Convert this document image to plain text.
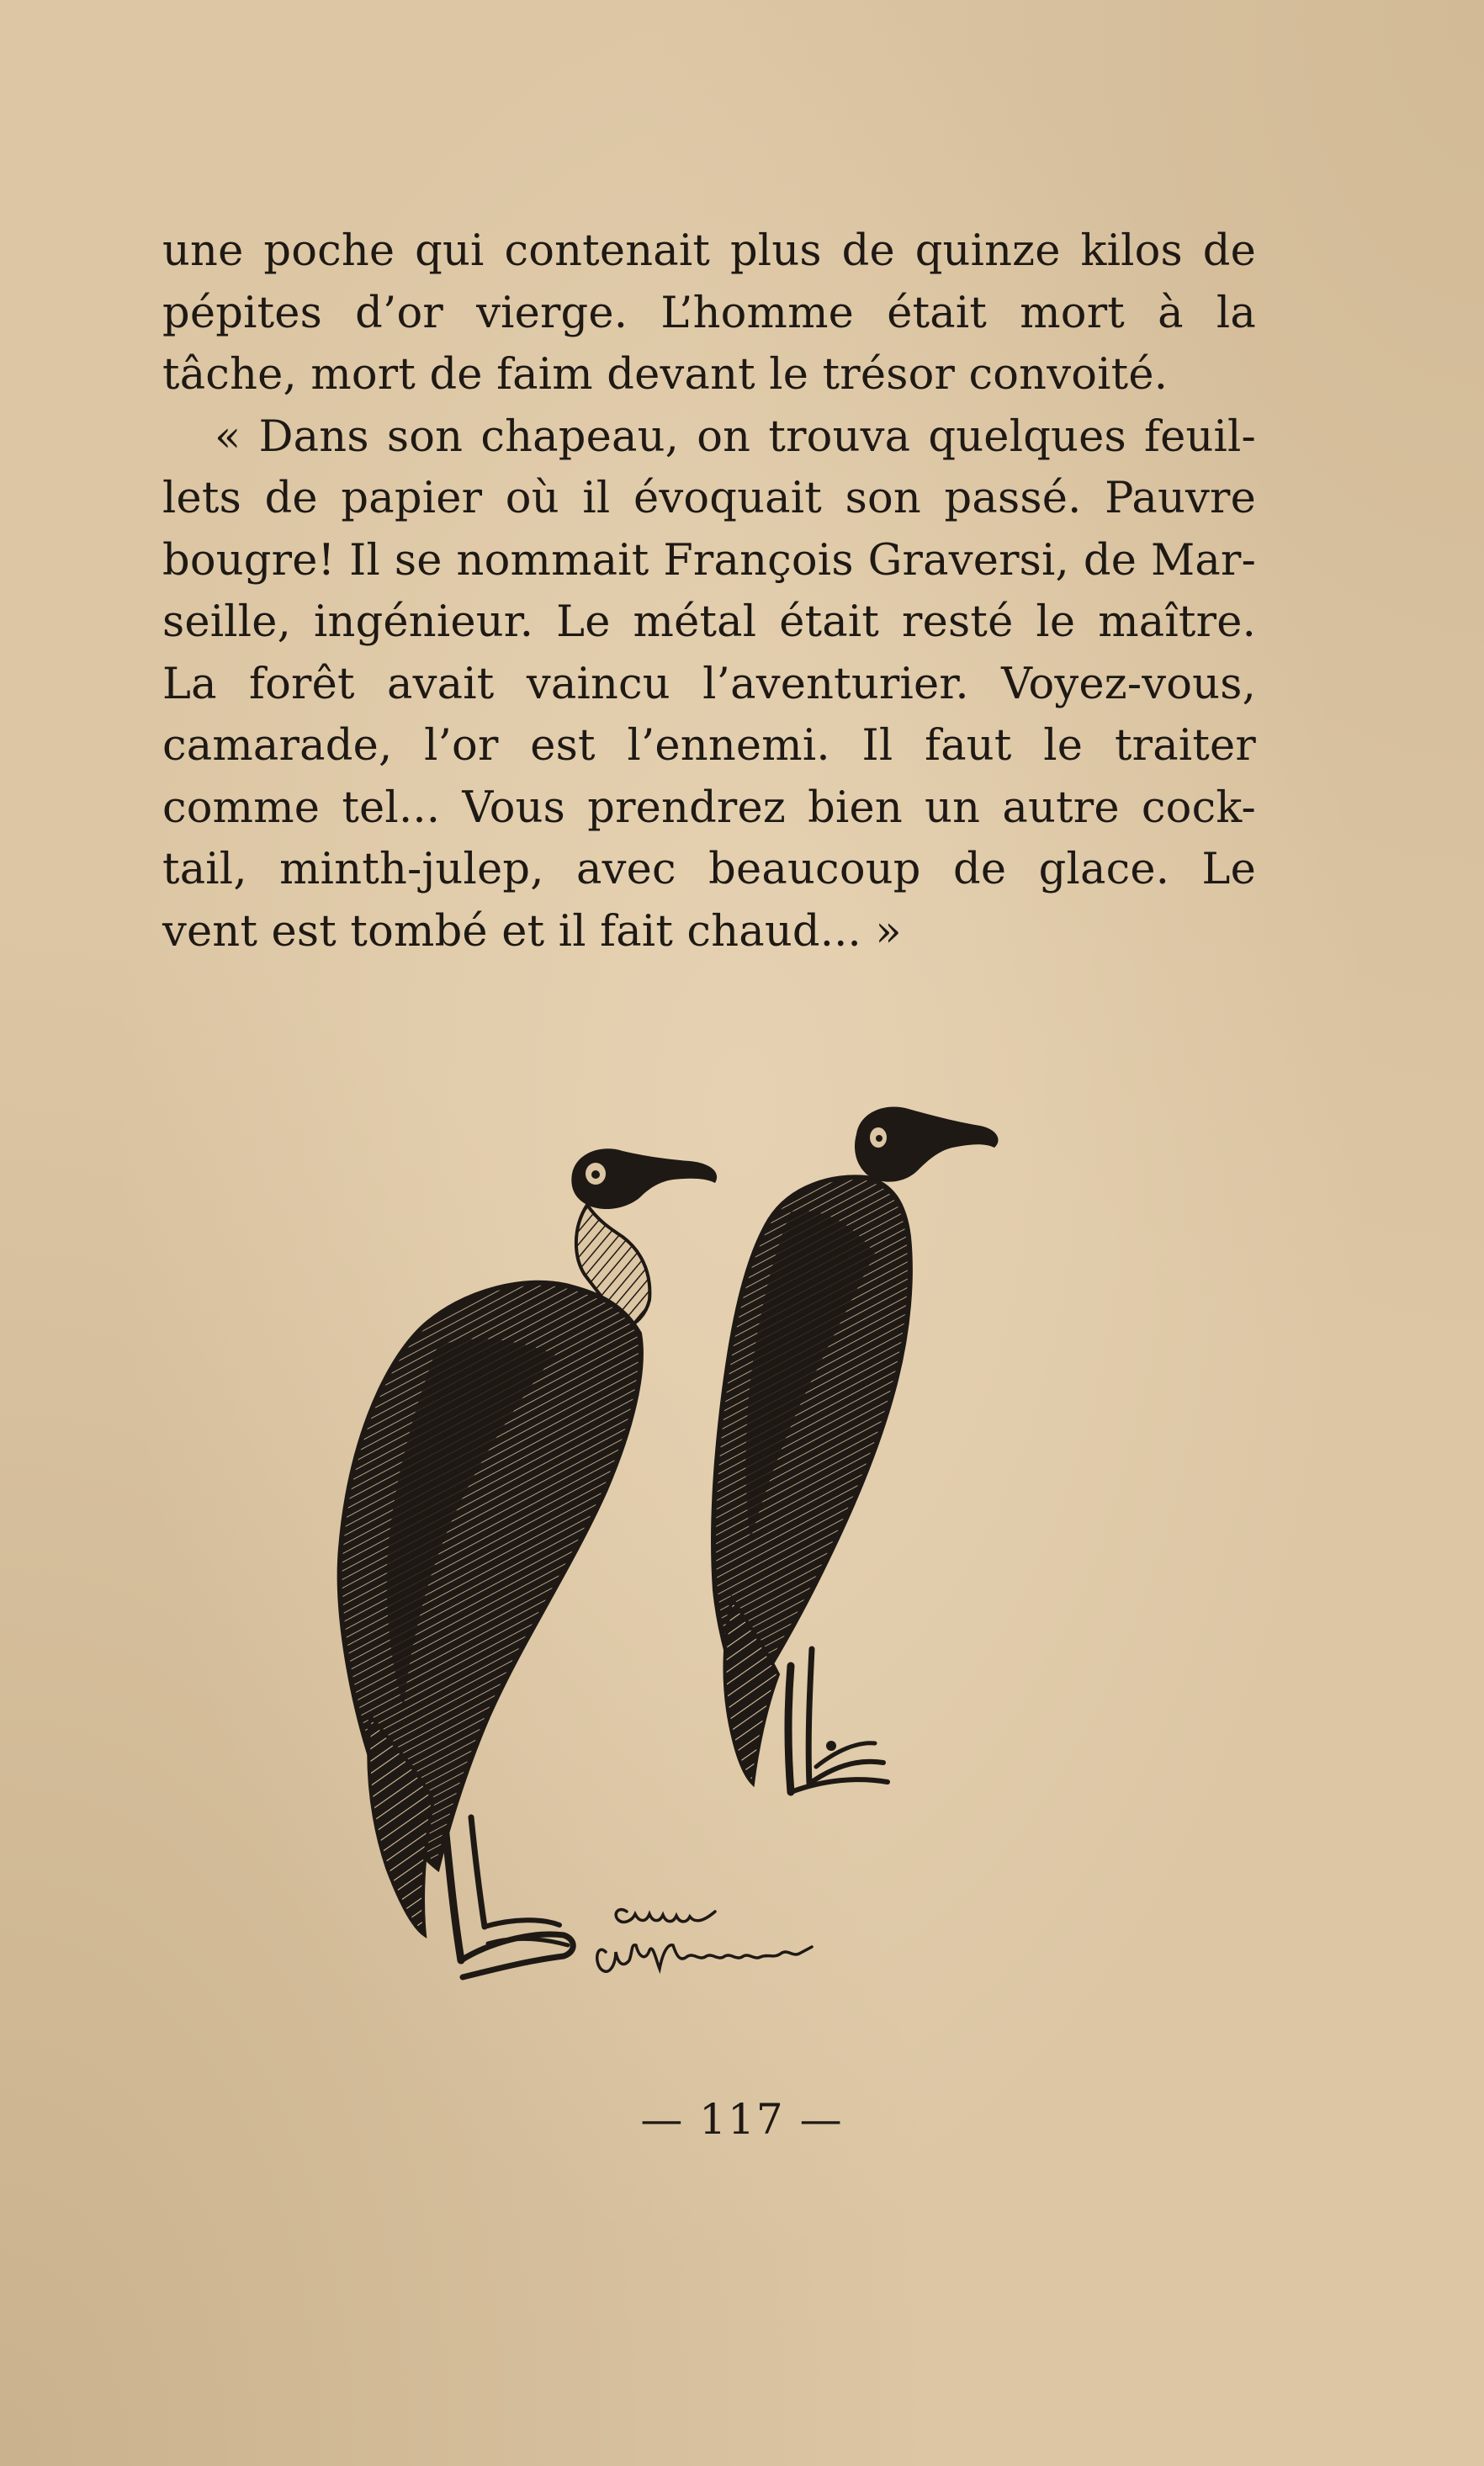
une poche qui contenait plus de quinze kilos de
pépites d’or vierge. L’homme était mort à la
tâche, mort de faim devant le trésor convoité.
« Dans son chapeau, on trouva quelques feuil-
lets de papier où il évoquait son passé. Pauvre
bougre! Il se nommait François Graversi, de Mar-
seille, ingénieur. Le métal était resté le maître.
La forêt avait vaincu l’aventurier. Voyez-vous,
camarade, l’or est l’ennemi. Il faut le traiter
comme tel... Vous prendrez bien un autre cock-
tail, minth-julep, avec beaucoup de glace. Le
vent est tombé et il fait chaud... »
— 117 —
